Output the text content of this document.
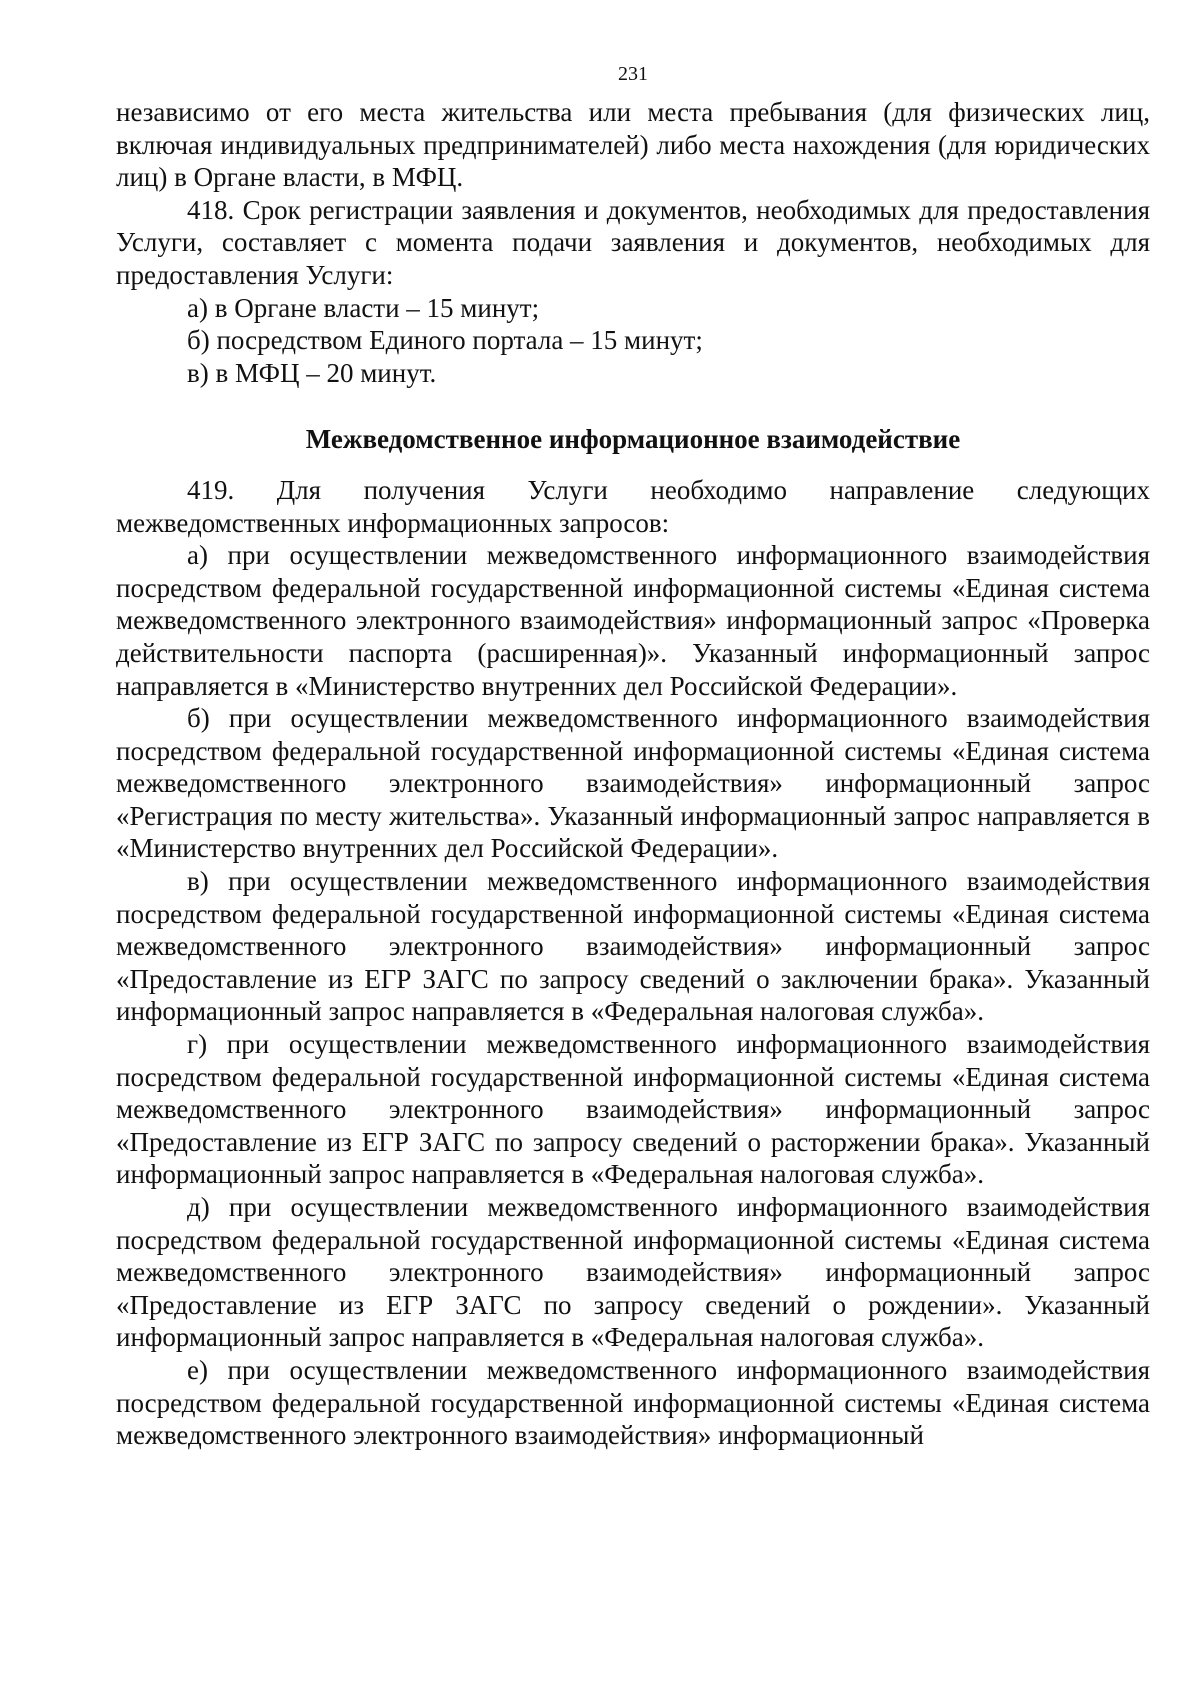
231

независимо от его места жительства или места пребывания (для физических лиц, включая индивидуальных предпринимателей) либо места нахождения (для юридических лиц) в Органе власти, в МФЦ.

418. Срок регистрации заявления и документов, необходимых для предоставления Услуги, составляет с момента подачи заявления и документов, необходимых для предоставления Услуги:

а) в Органе власти – 15 минут;

б) посредством Единого портала – 15 минут;

в) в МФЦ – 20 минут.

Межведомственное информационное взаимодействие

419. Для получения Услуги необходимо направление следующих межведомственных информационных запросов:

а) при осуществлении межведомственного информационного взаимодействия посредством федеральной государственной информационной системы «Единая система межведомственного электронного взаимодействия» информационный запрос «Проверка действительности паспорта (расширенная)». Указанный информационный запрос направляется в «Министерство внутренних дел Российской Федерации».

б) при осуществлении межведомственного информационного взаимодействия посредством федеральной государственной информационной системы «Единая система межведомственного электронного взаимодействия» информационный запрос «Регистрация по месту жительства». Указанный информационный запрос направляется в «Министерство внутренних дел Российской Федерации».

в) при осуществлении межведомственного информационного взаимодействия посредством федеральной государственной информационной системы «Единая система межведомственного электронного взаимодействия» информационный запрос «Предоставление из ЕГР ЗАГС по запросу сведений о заключении брака». Указанный информационный запрос направляется в «Федеральная налоговая служба».

г) при осуществлении межведомственного информационного взаимодействия посредством федеральной государственной информационной системы «Единая система межведомственного электронного взаимодействия» информационный запрос «Предоставление из ЕГР ЗАГС по запросу сведений о расторжении брака». Указанный информационный запрос направляется в «Федеральная налоговая служба».

д) при осуществлении межведомственного информационного взаимодействия посредством федеральной государственной информационной системы «Единая система межведомственного электронного взаимодействия» информационный запрос «Предоставление из ЕГР ЗАГС по запросу сведений о рождении». Указанный информационный запрос направляется в «Федеральная налоговая служба».

е) при осуществлении межведомственного информационного взаимодействия посредством федеральной государственной информационной системы «Единая система межведомственного электронного взаимодействия» информационный
